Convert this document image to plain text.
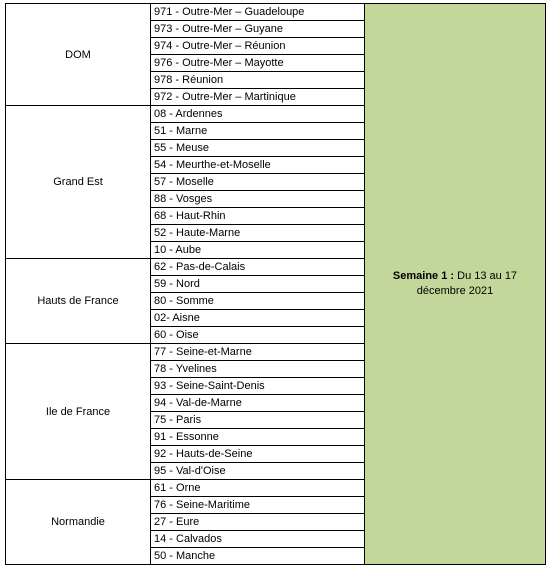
DOM	971 - Outre-Mer – Guadeloupe	Semaine 1 : Du 13 au 17 décembre 2021
	973 - Outre-Mer – Guyane	
	974 - Outre-Mer – Réunion	
	976 - Outre-Mer – Mayotte	
	978 - Réunion	
	972 - Outre-Mer – Martinique	
Grand Est	08 - Ardennes	
	51 - Marne	
	55 - Meuse	
	54 - Meurthe-et-Moselle	
	57 - Moselle	
	88 - Vosges	
	68 - Haut-Rhin	
	52 - Haute-Marne	
	10 - Aube	
Hauts de France	62 - Pas-de-Calais	
	59 - Nord	
	80 - Somme	
	02- Aisne	
	60 - Oise	
Ile de France	77 - Seine-et-Marne	
	78 - Yvelines	
	93 - Seine-Saint-Denis	
	94 - Val-de-Marne	
	75 - Paris	
	91 - Essonne	
	92 - Hauts-de-Seine	
	95 - Val-d'Oise	
Normandie	61 - Orne	
	76 - Seine-Maritime	
	27 - Eure	
	14 - Calvados	
	50 - Manche	
